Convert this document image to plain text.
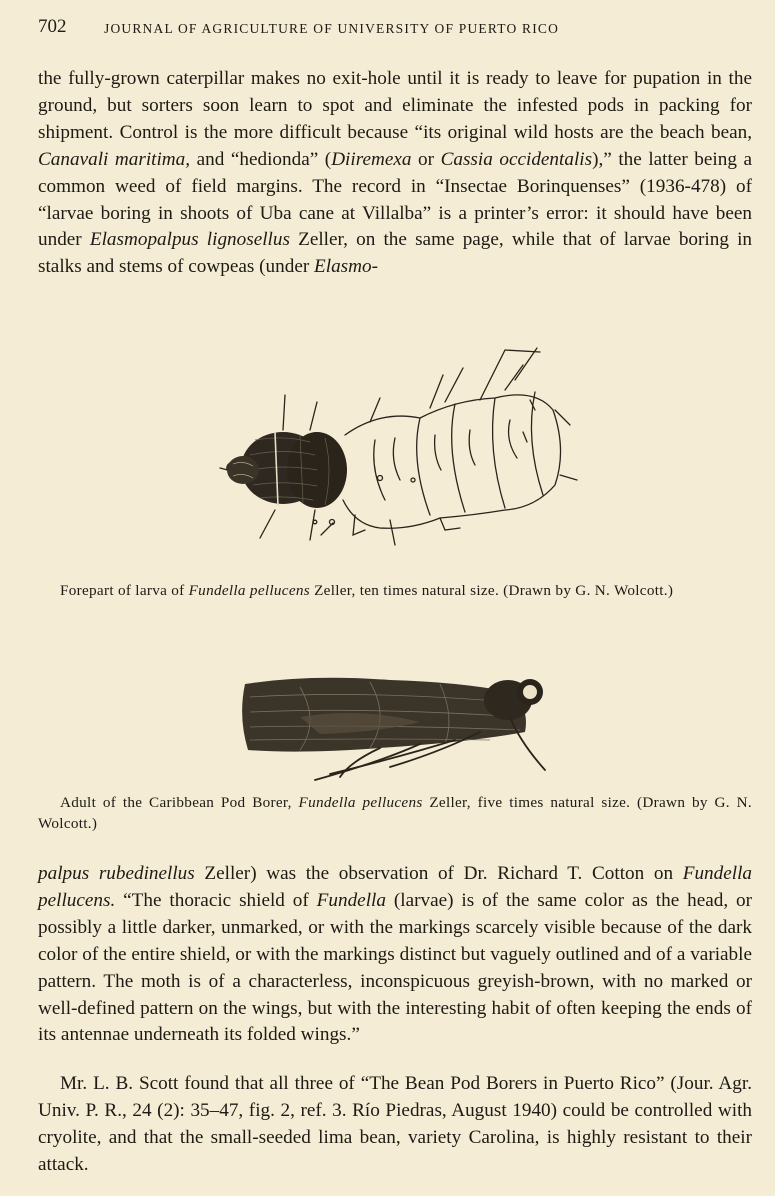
702	JOURNAL OF AGRICULTURE OF UNIVERSITY OF PUERTO RICO

the fully-grown caterpillar makes no exit-hole until it is ready to leave for pupation in the ground, but sorters soon learn to spot and eliminate the infested pods in packing for shipment. Control is the more difficult because “its original wild hosts are the beach bean, Canavali maritima, and “hedionda” (Diiremexa or Cassia occidentalis),” the latter being a common weed of field margins. The record in “Insectae Borinquenses” (1936-478) of “larvae boring in shoots of Uba cane at Villalba” is a printer’s error: it should have been under Elasmopalpus lignosellus Zeller, on the same page, while that of larvae boring in stalks and stems of cowpeas (under Elasmo-

Forepart of larva of Fundella pellucens Zeller, ten times natural size. (Drawn by G. N. Wolcott.)

Adult of the Caribbean Pod Borer, Fundella pellucens Zeller, five times natural size. (Drawn by G. N. Wolcott.)

palpus rubedinellus Zeller) was the observation of Dr. Richard T. Cotton on Fundella pellucens. “The thoracic shield of Fundella (larvae) is of the same color as the head, or possibly a little darker, unmarked, or with the markings scarcely visible because of the dark color of the entire shield, or with the markings distinct but vaguely outlined and of a variable pattern. The moth is of a characterless, inconspicuous greyish-brown, with no marked or well-defined pattern on the wings, but with the interesting habit of often keeping the ends of its antennae underneath its folded wings.”

Mr. L. B. Scott found that all three of “The Bean Pod Borers in Puerto Rico” (Jour. Agr. Univ. P. R., 24 (2): 35–47, fig. 2, ref. 3. Río Piedras, August 1940) could be controlled with cryolite, and that the small-seeded lima bean, variety Carolina, is highly resistant to their attack.
